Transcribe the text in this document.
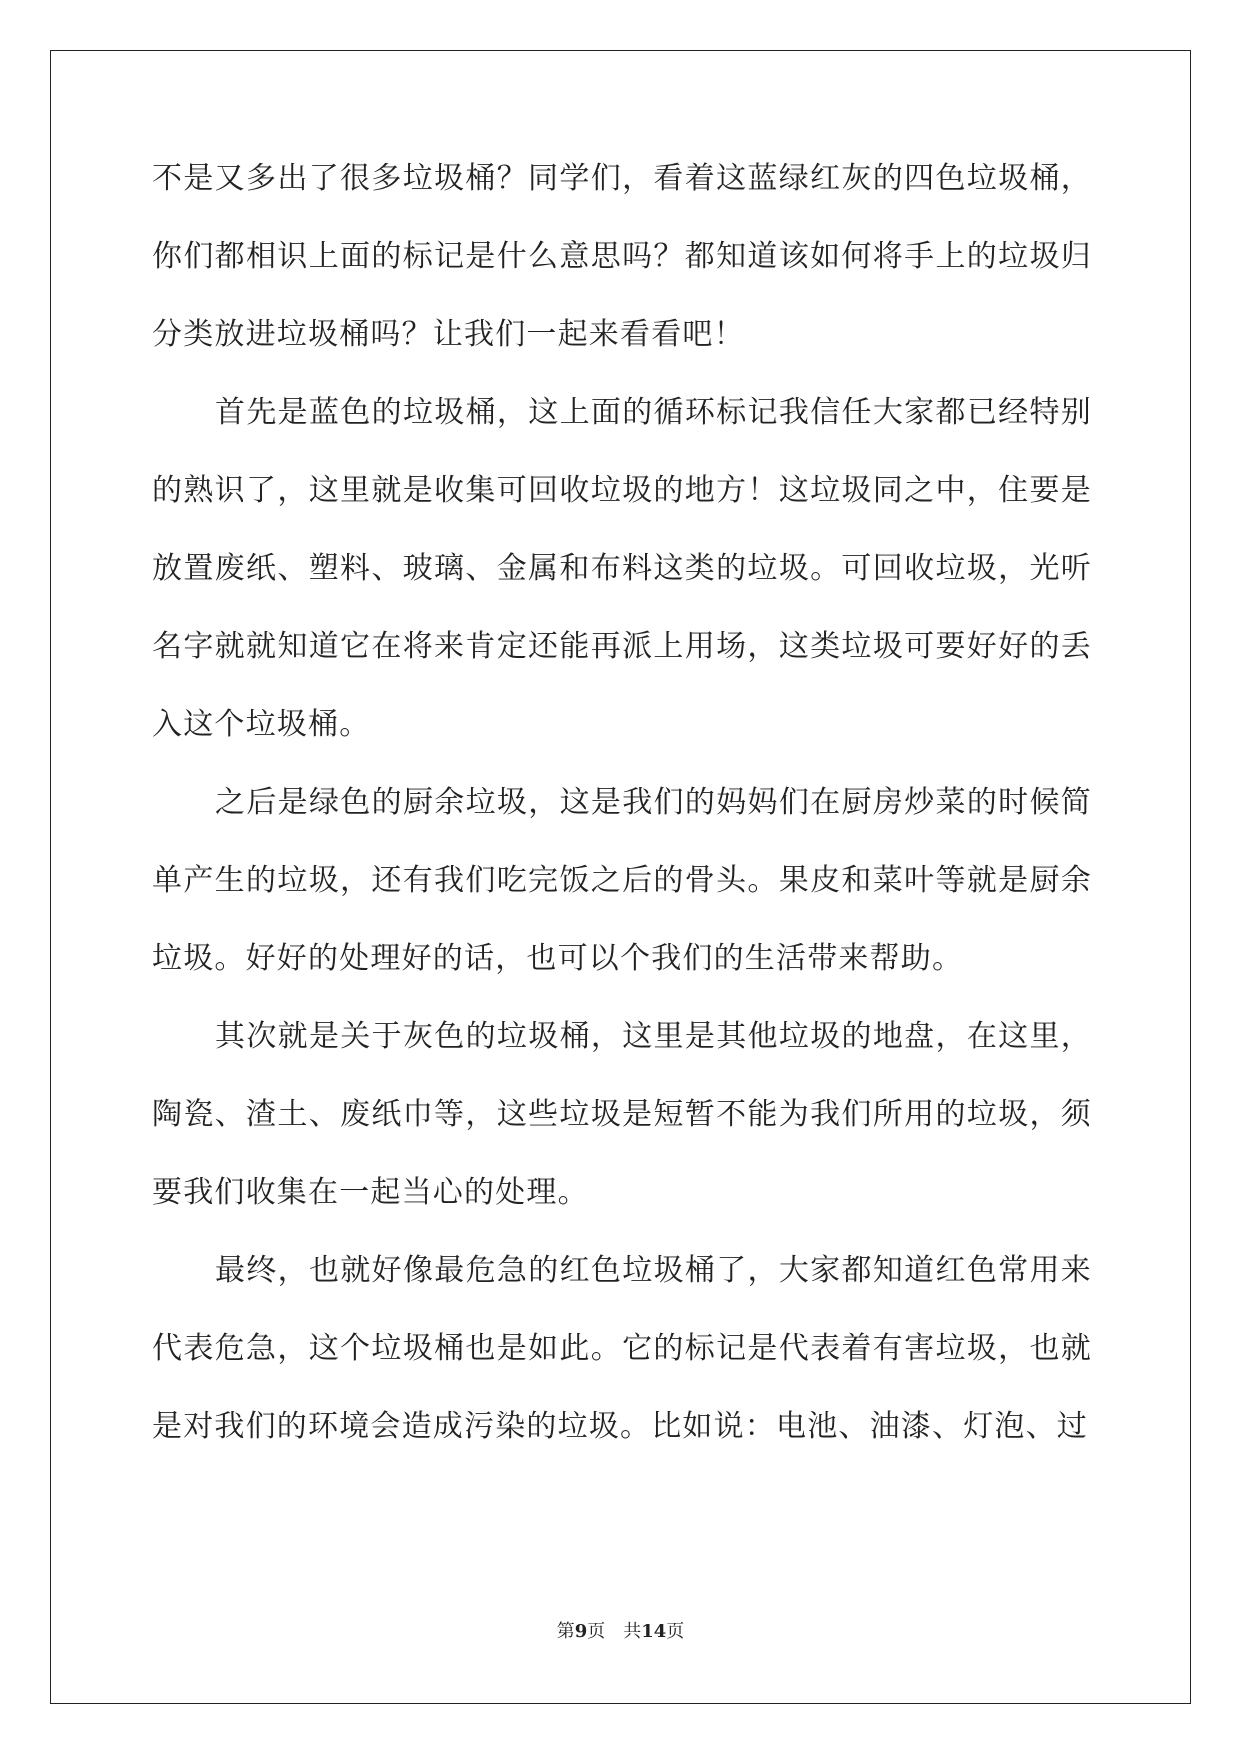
不是又多出了很多垃圾桶？同学们，看着这蓝绿红灰的四色垃圾桶，你们都相识上面的标记是什么意思吗？都知道该如何将手上的垃圾归分类放进垃圾桶吗？让我们一起来看看吧！

首先是蓝色的垃圾桶，这上面的循环标记我信任大家都已经特别的熟识了，这里就是收集可回收垃圾的地方！这垃圾同之中，住要是放置废纸、塑料、玻璃、金属和布料这类的垃圾。可回收垃圾，光听名字就就知道它在将来肯定还能再派上用场，这类垃圾可要好好的丢入这个垃圾桶。

之后是绿色的厨余垃圾，这是我们的妈妈们在厨房炒菜的时候简单产生的垃圾，还有我们吃完饭之后的骨头。果皮和菜叶等就是厨余垃圾。好好的处理好的话，也可以个我们的生活带来帮助。

其次就是关于灰色的垃圾桶，这里是其他垃圾的地盘，在这里，陶瓷、渣土、废纸巾等，这些垃圾是短暂不能为我们所用的垃圾，须要我们收集在一起当心的处理。

最终，也就好像最危急的红色垃圾桶了，大家都知道红色常用来代表危急，这个垃圾桶也是如此。它的标记是代表着有害垃圾，也就是对我们的环境会造成污染的垃圾。比如说：电池、油漆、灯泡、过

第9页　共14页
